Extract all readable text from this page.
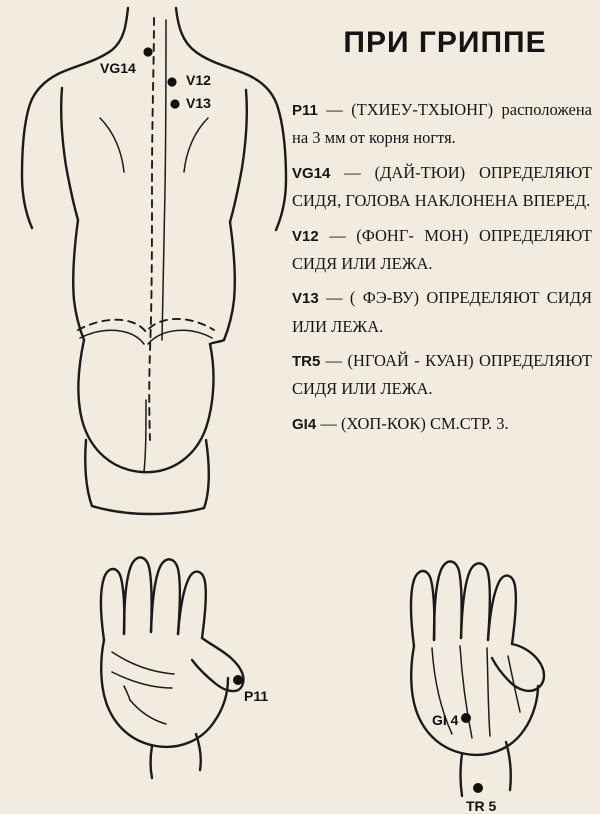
ПРИ ГРИППЕ
P11 — (ТХИЕУ-ТХЫОНГ) расположена на 3 мм от корня ногтя.
VG14 — (ДАЙ-ТЮИ) ОПРЕДЕЛЯЮТ СИДЯ, ГОЛОВА НАКЛОНЕНА ВПЕРЕД.
V12 — (ФОНГ- МОН) ОПРЕДЕЛЯЮТ СИДЯ ИЛИ ЛЕЖА.
V13 — ( ФЭ-ВУ) ОПРЕДЕЛЯЮТ СИДЯ ИЛИ ЛЕЖА.
TR5 — (НГОАЙ - КУАН) ОПРЕДЕЛЯЮТ СИДЯ ИЛИ ЛЕЖА.
GI4 — (ХОП-КОК) СМ.СТР. 3.
VG14
V12
V13
P11
GI 4
TR 5
